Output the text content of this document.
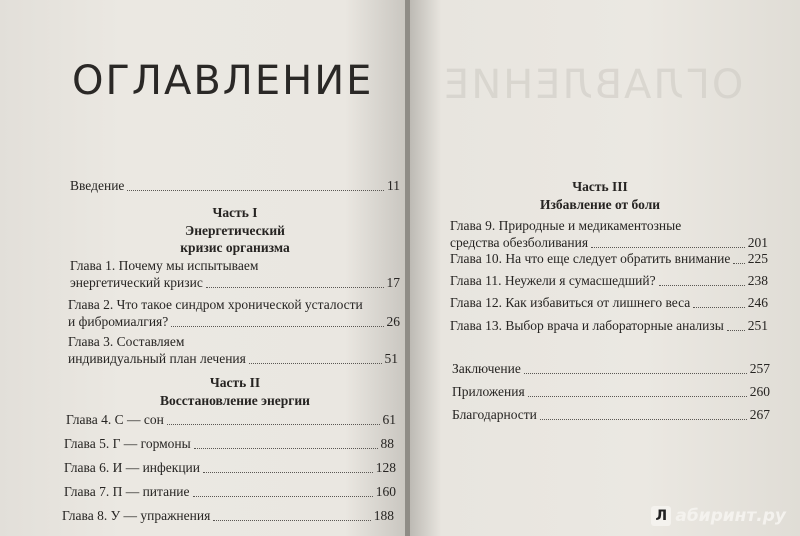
ОГЛАВЛЕНИЕ ОГЛАВЛЕНИЕ
Введение	11
Часть I
Энергетический
кризис организма
Глава 1. Почему мы испытываем
энергетический кризис	17
Глава 2. Что такое синдром хронической усталости
и фибромиалгия?	26
Глава 3. Составляем
индивидуальный план лечения	51
Часть II
Восстановление энергии
Глава 4. С — сон	61
Глава 5. Г — гормоны	88
Глава 6. И — инфекции	128
Глава 7. П — питание	160
Глава 8. У — упражнения	188
Часть III
Избавление от боли
Глава 9. Природные и медикаментозные
средства обезболивания	201
Глава 10. На что еще следует обратить внимание 225
Глава 11. Неужели я сумасшедший?	238
Глава 12. Как избавиться от лишнего веса	246
Глава 13. Выбор врача и лабораторные анализы 251
Заключение	257
Приложения	260
Благодарности	267
Л абиринт.ру
